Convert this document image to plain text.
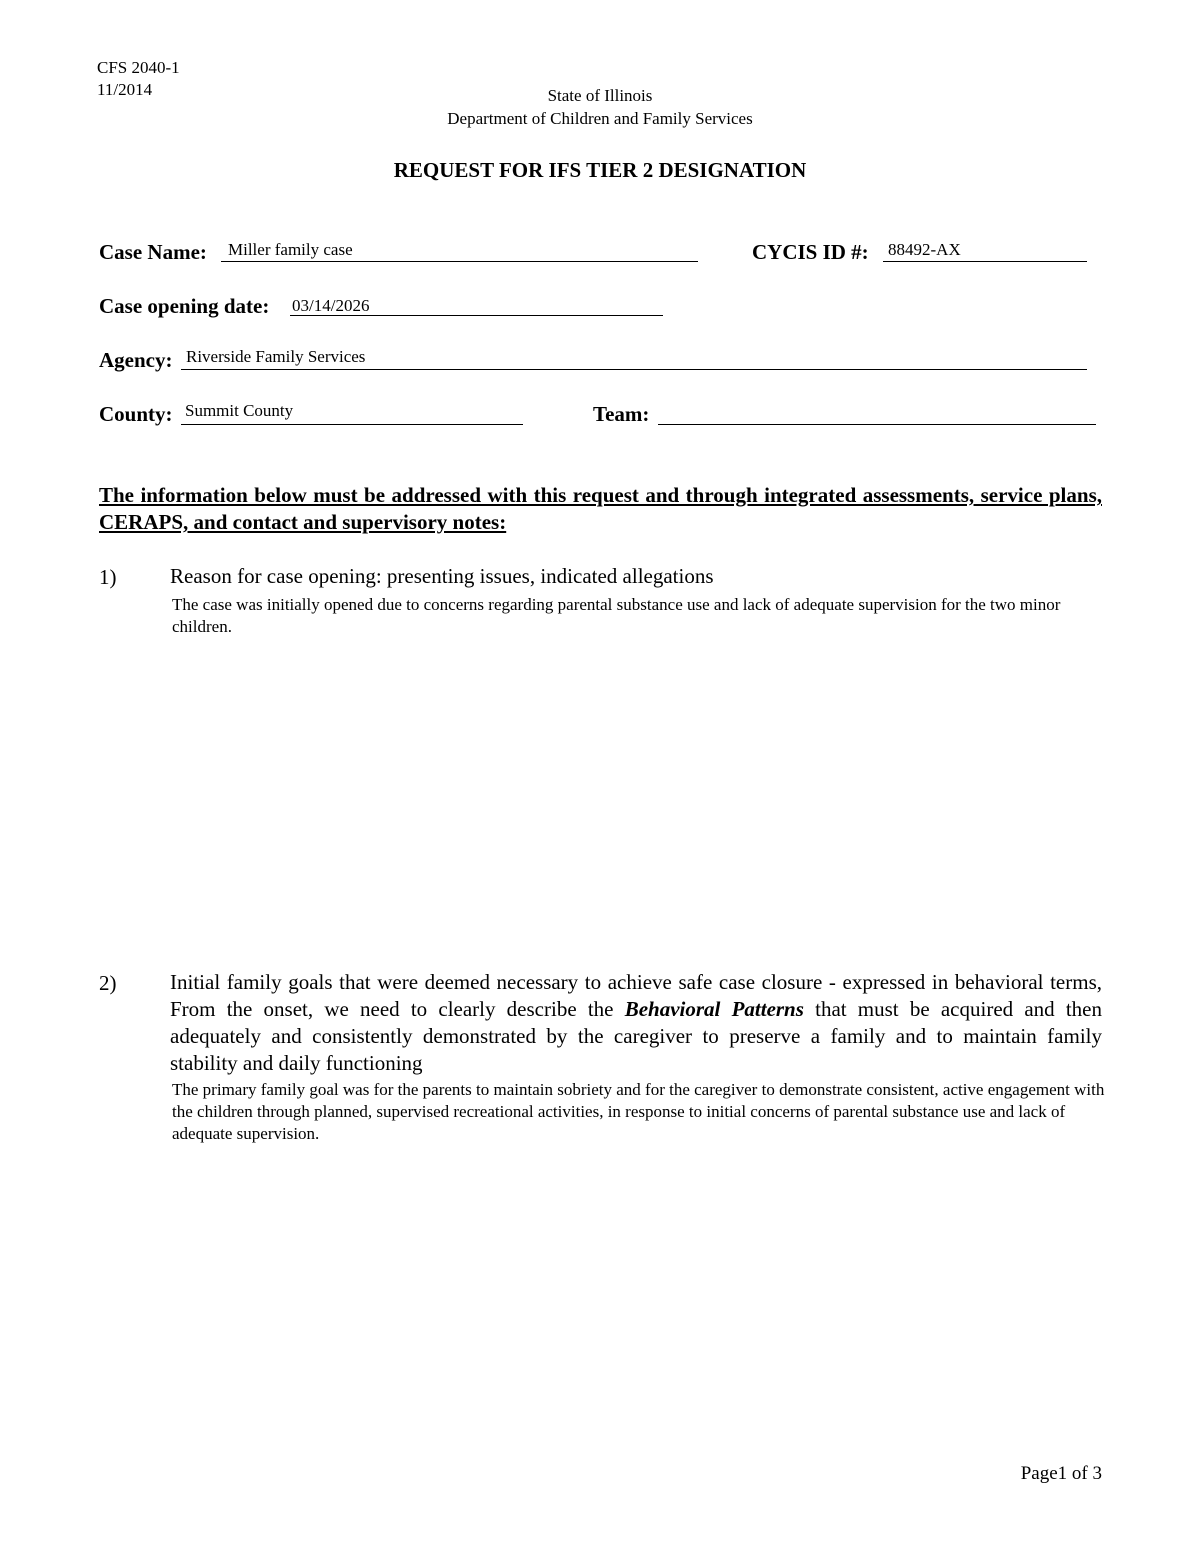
CFS 2040-1
11/2014	State of Illinois
Department of Children and Family Services
REQUEST FOR IFS TIER 2 DESIGNATION
Case Name: Miller family case	CYCIS ID #: 88492-AX
Case opening date: 03/14/2026
Agency: Riverside Family Services
County: Summit County	Team:
The information below must be addressed with this request and through integrated assessments, service plans, CERAPS, and contact and supervisory notes:
1)	Reason for case opening: presenting issues, indicated allegations
The case was initially opened due to concerns regarding parental substance use and lack of adequate supervision for the two minor children.
2)	Initial family goals that were deemed necessary to achieve safe case closure - expressed in behavioral terms, From the onset, we need to clearly describe the Behavioral Patterns that must be acquired and then adequately and consistently demonstrated by the caregiver to preserve a family and to maintain family stability and daily functioning
The primary family goal was for the parents to maintain sobriety and for the caregiver to demonstrate consistent, active engagement with the children through planned, supervised recreational activities, in response to initial concerns of parental substance use and lack of adequate supervision.
Page1 of 3
